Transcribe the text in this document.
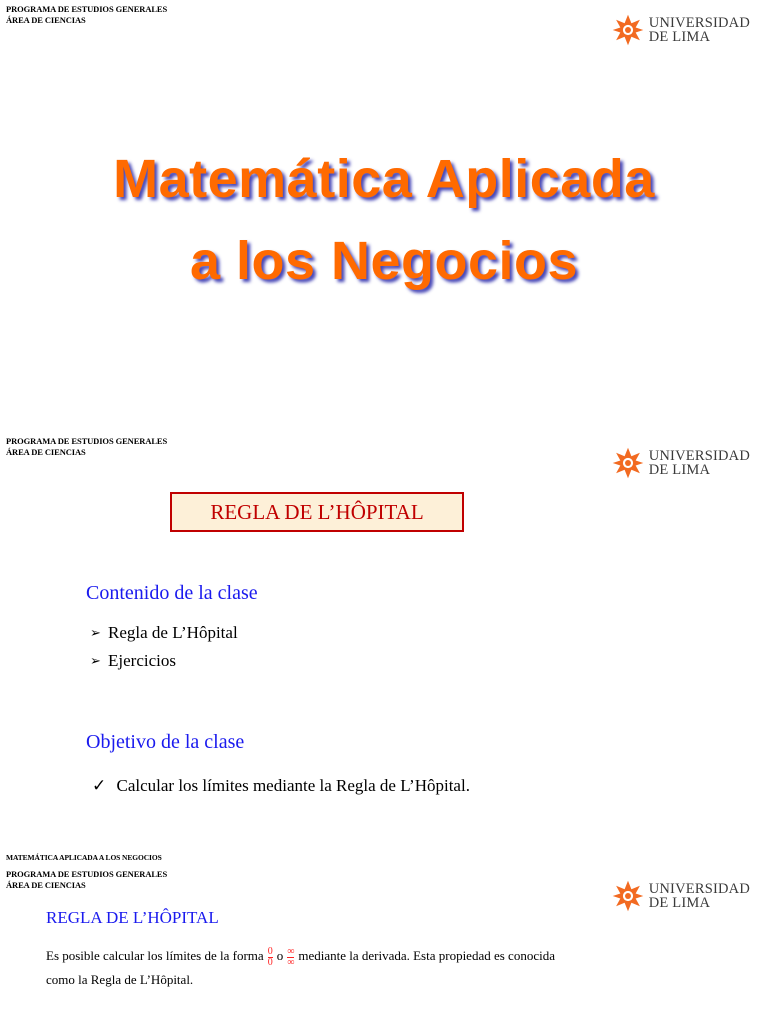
PROGRAMA DE ESTUDIOS GENERALES
ÁREA DE CIENCIAS	UNIVERSIDAD
DE LIMA
Matemática Aplicada
a los Negocios
PROGRAMA DE ESTUDIOS GENERALES
ÁREA DE CIENCIAS	UNIVERSIDAD
DE LIMA
REGLA DE L’HÔPITAL
Contenido de la clase
➢ Regla de L’Hôpital
➢ Ejercicios
Objetivo de la clase
✓ Calcular los límites mediante la Regla de L’Hôpital.
MATEMÁTICA APLICADA A LOS NEGOCIOS
PROGRAMA DE ESTUDIOS GENERALES
ÁREA DE CIENCIAS	UNIVERSIDAD
DE LIMA
REGLA DE L’HÔPITAL
Es posible calcular los límites de la forma $\frac{0}{0}$ o $\frac{\infty}{\infty}$ mediante la derivada. Esta propiedad es conocida
como la Regla de L’Hôpital.
